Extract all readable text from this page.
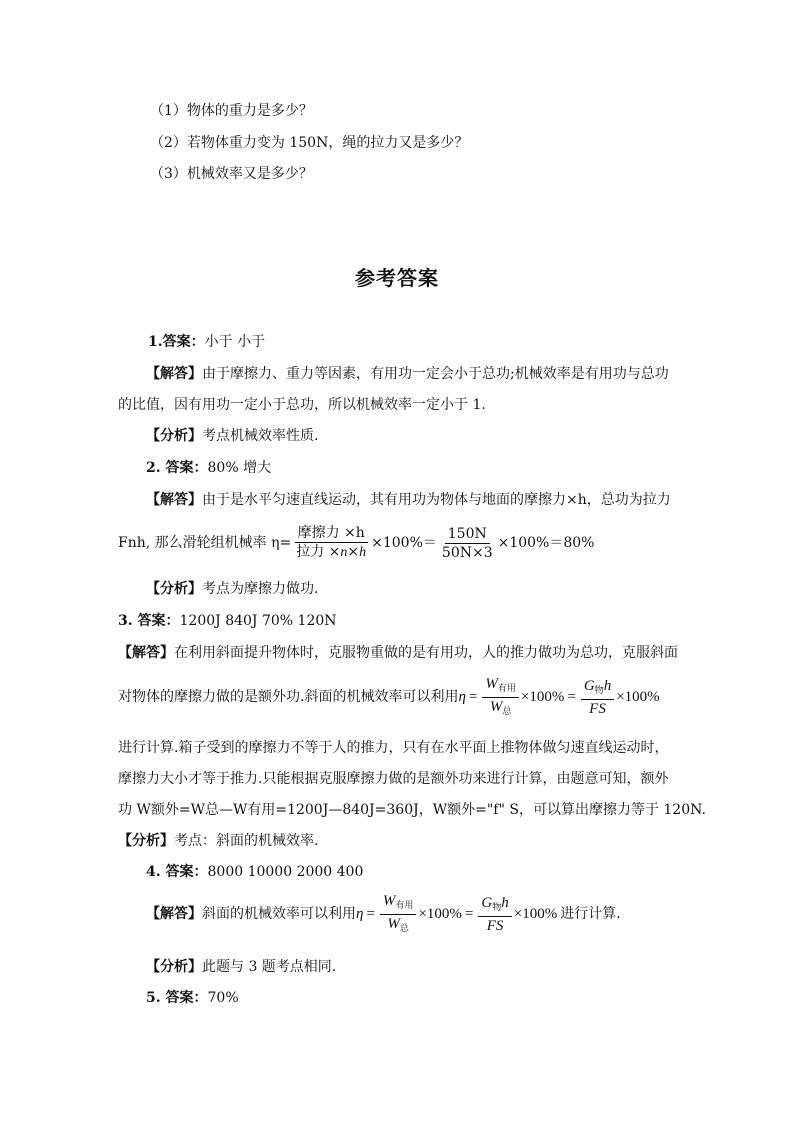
（1）物体的重力是多少？
（2）若物体重力变为 150N，绳的拉力又是多少？
（3）机械效率又是多少？
参考答案
1.答案：小于 小于
【解答】由于摩擦力、重力等因素，有用功一定会小于总功;机械效率是有用功与总功
的比值，因有用功一定小于总功，所以机械效率一定小于 1.
【分析】考点机械效率性质.
2. 答案：80% 增大
【解答】由于是水平匀速直线运动，其有用功为物体与地面的摩擦力×h，总功为拉力
Fnh, 那么滑轮组机械率 $\eta= \frac{\text{摩擦力 ×h}}{\text{拉力 ×n×h}} \times 100\%= \frac{150N}{50N\times 3} \times 100\%=80\%$
【分析】考点为摩擦力做功.
3. 答案：1200J 840J 70% 120N
【解答】在利用斜面提升物体时，克服物重做的是有用功，人的推力做功为总功，克服斜面
对物体的摩擦力做的是额外功.斜面的机械效率可以利用 $\eta = \frac{W_{有用}}{W_总} \times 100\% = \frac{G_物h}{FS} \times 100\%$
进行计算.箱子受到的摩擦力不等于人的推力，只有在水平面上推物体做匀速直线运动时，
摩擦力大小才等于推力.只能根据克服摩擦力做的是额外功来进行计算，由题意可知，额外
功 W额外=W总—W有用=1200J—840J=360J，W额外="f" S，可以算出摩擦力等于 120N.
【分析】考点：斜面的机械效率.
4. 答案：8000 10000 2000 400
【解答】斜面的机械效率可以利用 $\eta = \frac{W_{有用}}{W_总} \times 100\% = \frac{G_物h}{FS} \times 100\%$ 进行计算.
【分析】此题与 3 题考点相同.
5. 答案：70%
